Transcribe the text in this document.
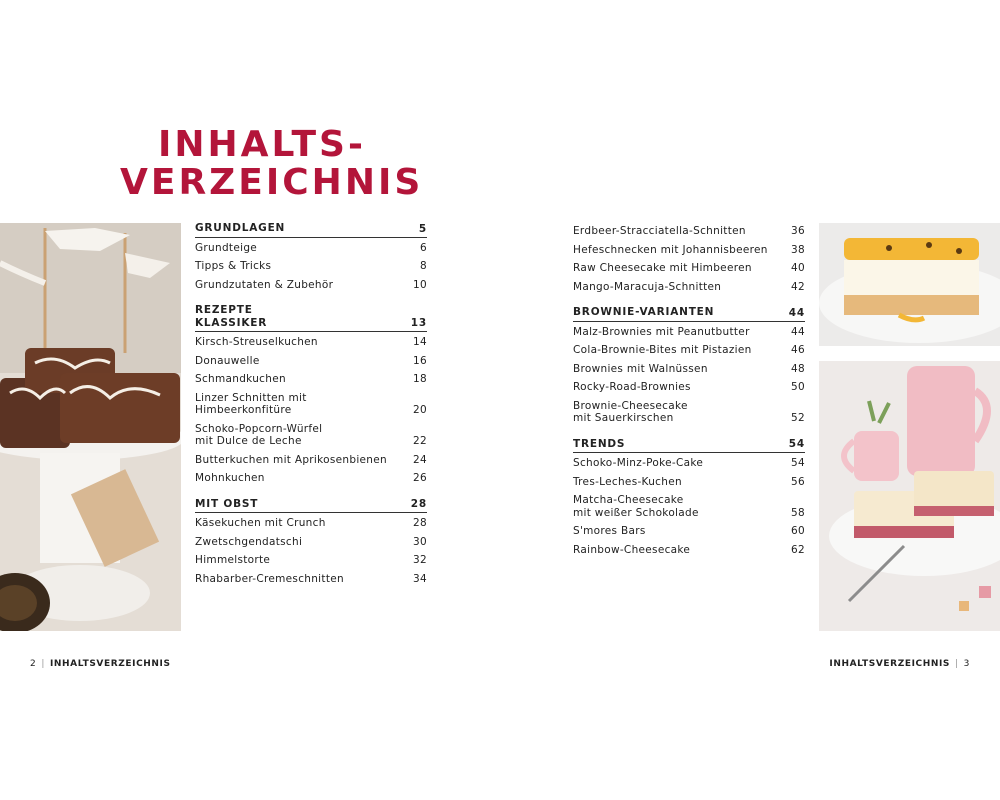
INHALTS-
VERZEICHNIS
GRUNDLAGEN	5
Grundteige	6
Tipps & Tricks	8
Grundzutaten & Zubehör	10
REZEPTE
KLASSIKER	13
Kirsch-Streuselkuchen	14
Donauwelle	16
Schmandkuchen	18
Linzer Schnitten mit
Himbeerkonfitüre	20
Schoko-Popcorn-Würfel
mit Dulce de Leche	22
Butterkuchen mit Aprikosenbienen 24
Mohnkuchen	26
MIT OBST	28
Käsekuchen mit Crunch	28
Zwetschgendatschi	30
Himmelstorte	32
Rhabarber-Cremeschnitten	34
Erdbeer-Stracciatella-Schnitten	36
Hefeschnecken mit Johannisbeeren 38
Raw Cheesecake mit Himbeeren	40
Mango-Maracuja-Schnitten	42
BROWNIE-VARIANTEN	44
Malz-Brownies mit Peanutbutter	44
Cola-Brownie-Bites mit Pistazien	46
Brownies mit Walnüssen	48
Rocky-Road-Brownies	50
Brownie-Cheesecake
mit Sauerkirschen	52
TRENDS	54
Schoko-Minz-Poke-Cake	54
Tres-Leches-Kuchen	56
Matcha-Cheesecake
mit weißer Schokolade	58
S'mores Bars	60
Rainbow-Cheesecake	62
2 | INHALTSVERZEICHNIS	INHALTSVERZEICHNIS | 3
